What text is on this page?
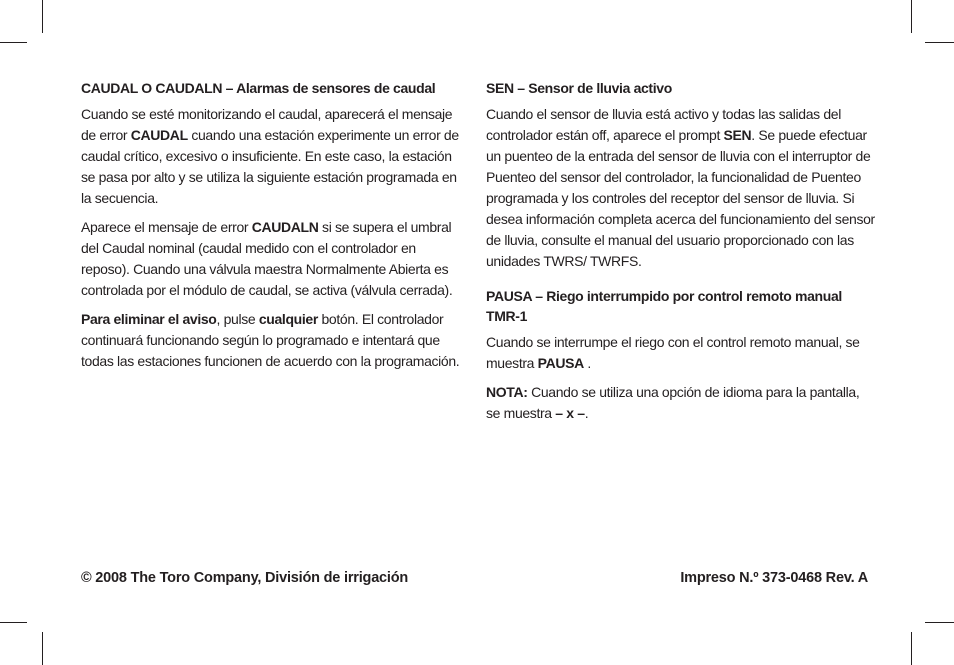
CAUDAL O CAUDALN – Alarmas de sensores de caudal

Cuando se esté monitorizando el caudal, aparecerá el mensaje de error CAUDAL cuando una estación experimente un error de caudal crítico, excesivo o insuficiente. En este caso, la estación se pasa por alto y se utiliza la siguiente estación programada en la secuencia.

Aparece el mensaje de error CAUDALN si se supera el umbral del Caudal nominal (caudal medido con el controlador en reposo). Cuando una válvula maestra Normalmente Abierta es controlada por el módulo de caudal, se activa (válvula cerrada).

Para eliminar el aviso, pulse cualquier botón. El controlador continuará funcionando según lo programado e intentará que todas las estaciones funcionen de acuerdo con la programación.

SEN – Sensor de lluvia activo

Cuando el sensor de lluvia está activo y todas las salidas del controlador están off, aparece el prompt SEN. Se puede efectuar un puenteo de la entrada del sensor de lluvia con el interruptor de Puenteo del sensor del controlador, la funcionalidad de Puenteo programada y los controles del receptor del sensor de lluvia. Si desea información completa acerca del funcionamiento del sensor de lluvia, consulte el manual del usuario proporcionado con las unidades TWRS/ TWRFS.

PAUSA – Riego interrumpido por control remoto manual TMR-1

Cuando se interrumpe el riego con el control remoto manual, se muestra PAUSA .

NOTA: Cuando se utiliza una opción de idioma para la pantalla, se muestra – x –.

© 2008 The Toro Company, División de irrigación	Impreso N.º 373-0468 Rev. A
